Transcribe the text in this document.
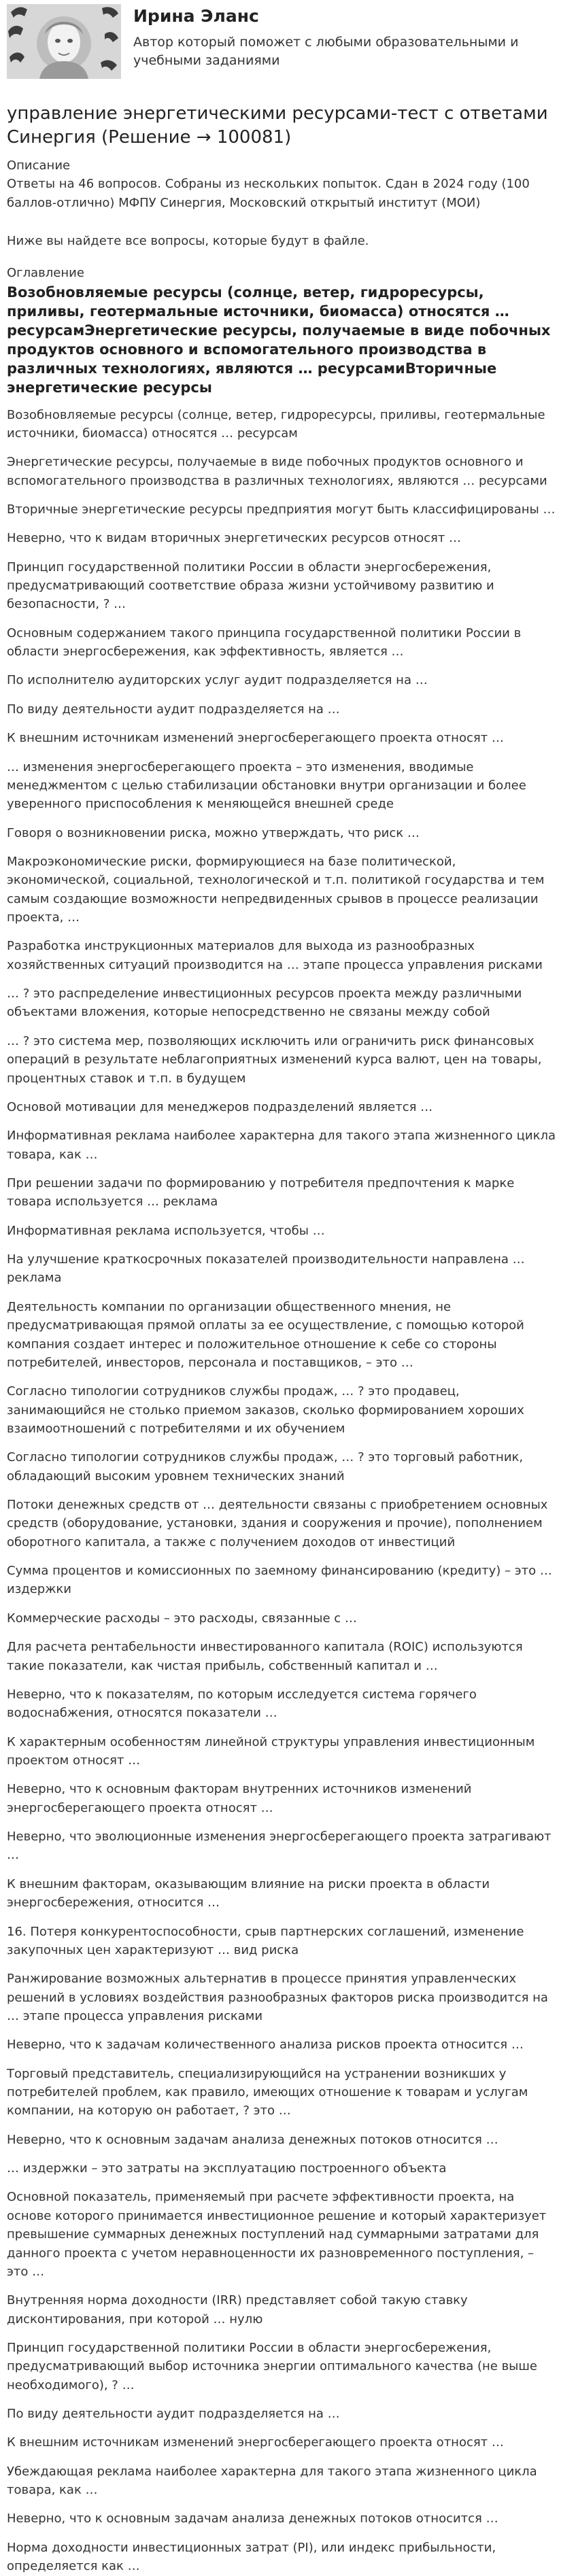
Ирина Эланс

Автор который поможет с любыми образовательными и учебными заданиями

управление энергетическими ресурсами-тест с ответами Синергия (Решение → 100081)

Описание

Ответы на 46 вопросов. Собраны из нескольких попыток. Сдан в 2024 году (100 баллов-отлично) МФПУ Синергия, Московский открытый институт (МОИ)

Ниже вы найдете все вопросы, которые будут в файле.

Оглавление

Возобновляемые ресурсы (солнце, ветер, гидроресурсы, приливы, геотермальные источники, биомасса) относятся … ресурсамЭнергетические ресурсы, получаемые в виде побочных продуктов основного и вспомогательного производства в различных технологиях, являются … ресурсамиВторичные энергетические ресурсы

Возобновляемые ресурсы (солнце, ветер, гидроресурсы, приливы, геотермальные источники, биомасса) относятся … ресурсам

Энергетические ресурсы, получаемые в виде побочных продуктов основного и вспомогательного производства в различных технологиях, являются … ресурсами

Вторичные энергетические ресурсы предприятия могут быть классифицированы …

Неверно, что к видам вторичных энергетических ресурсов относят …

Принцип государственной политики России в области энергосбережения, предусматривающий соответствие образа жизни устойчивому развитию и безопасности, ? …

Основным содержанием такого принципа государственной политики России в области энергосбережения, как эффективность, является …

По исполнителю аудиторских услуг аудит подразделяется на …

По виду деятельности аудит подразделяется на …

К внешним источникам изменений энергосберегающего проекта относят …

… изменения энергосберегающего проекта – это изменения, вводимые менеджментом с целью стабилизации обстановки внутри организации и более уверенного приспособления к меняющейся внешней среде

Говоря о возникновении риска, можно утверждать, что риск …

Макроэкономические риски, формирующиеся на базе политической, экономической, социальной, технологической и т.п. политикой государства и тем самым создающие возможности непредвиденных срывов в процессе реализации проекта, …

Разработка инструкционных материалов для выхода из разнообразных хозяйственных ситуаций производится на … этапе процесса управления рисками

… ? это распределение инвестиционных ресурсов проекта между различными объектами вложения, которые непосредственно не связаны между собой

… ? это система мер, позволяющих исключить или ограничить риск финансовых операций в результате неблагоприятных изменений курса валют, цен на товары, процентных ставок и т.п. в будущем

Основой мотивации для менеджеров подразделений является …

Информативная реклама наиболее характерна для такого этапа жизненного цикла товара, как …

При решении задачи по формированию у потребителя предпочтения к марке товара используется … реклама

Информативная реклама используется, чтобы …

На улучшение краткосрочных показателей производительности направлена … реклама

Деятельность компании по организации общественного мнения, не предусматривающая прямой оплаты за ее осуществление, с помощью которой компания создает интерес и положительное отношение к себе со стороны потребителей, инвесторов, персонала и поставщиков, – это …

Согласно типологии сотрудников службы продаж, … ? это продавец, занимающийся не столько приемом заказов, сколько формированием хороших взаимоотношений с потребителями и их обучением

Согласно типологии сотрудников службы продаж, … ? это торговый работник, обладающий высоким уровнем технических знаний

Потоки денежных средств от … деятельности связаны с приобретением основных средств (оборудование, установки, здания и сооружения и прочие), пополнением оборотного капитала, а также с получением доходов от инвестиций

Сумма процентов и комиссионных по заемному финансированию (кредиту) – это … издержки

Коммерческие расходы – это расходы, связанные с …

Для расчета рентабельности инвестированного капитала (ROIC) используются такие показатели, как чистая прибыль, собственный капитал и …

Неверно, что к показателям, по которым исследуется система горячего водоснабжения, относятся показатели …

К характерным особенностям линейной структуры управления инвестиционным проектом относят …

Неверно, что к основным факторам внутренних источников изменений энергосберегающего проекта относят …

Неверно, что эволюционные изменения энергосберегающего проекта затрагивают …

К внешним факторам, оказывающим влияние на риски проекта в области энергосбережения, относится …

16. Потеря конкурентоспособности, срыв партнерских соглашений, изменение закупочных цен характеризуют … вид риска

Ранжирование возможных альтернатив в процессе принятия управленческих решений в условиях воздействия разнообразных факторов риска производится на … этапе процесса управления рисками

Неверно, что к задачам количественного анализа рисков проекта относится …

Торговый представитель, специализирующийся на устранении возникших у потребителей проблем, как правило, имеющих отношение к товарам и услугам компании, на которую он работает, ? это …

Неверно, что к основным задачам анализа денежных потоков относится …

… издержки – это затраты на эксплуатацию построенного объекта

Основной показатель, применяемый при расчете эффективности проекта, на основе которого принимается инвестиционное решение и который характеризует превышение суммарных денежных поступлений над суммарными затратами для данного проекта с учетом неравноценности их разновременного поступления, – это …

Внутренняя норма доходности (IRR) представляет собой такую ставку дисконтирования, при которой … нулю

Принцип государственной политики России в области энергосбережения, предусматривающий выбор источника энергии оптимального качества (не выше необходимого), ? …

По виду деятельности аудит подразделяется на …

К внешним источникам изменений энергосберегающего проекта относят …

Убеждающая реклама наиболее характерна для такого этапа жизненного цикла товара, как …

Неверно, что к основным задачам анализа денежных потоков относится …

Норма доходности инвестиционных затрат (PI), или индекс прибыльности, определяется как …
